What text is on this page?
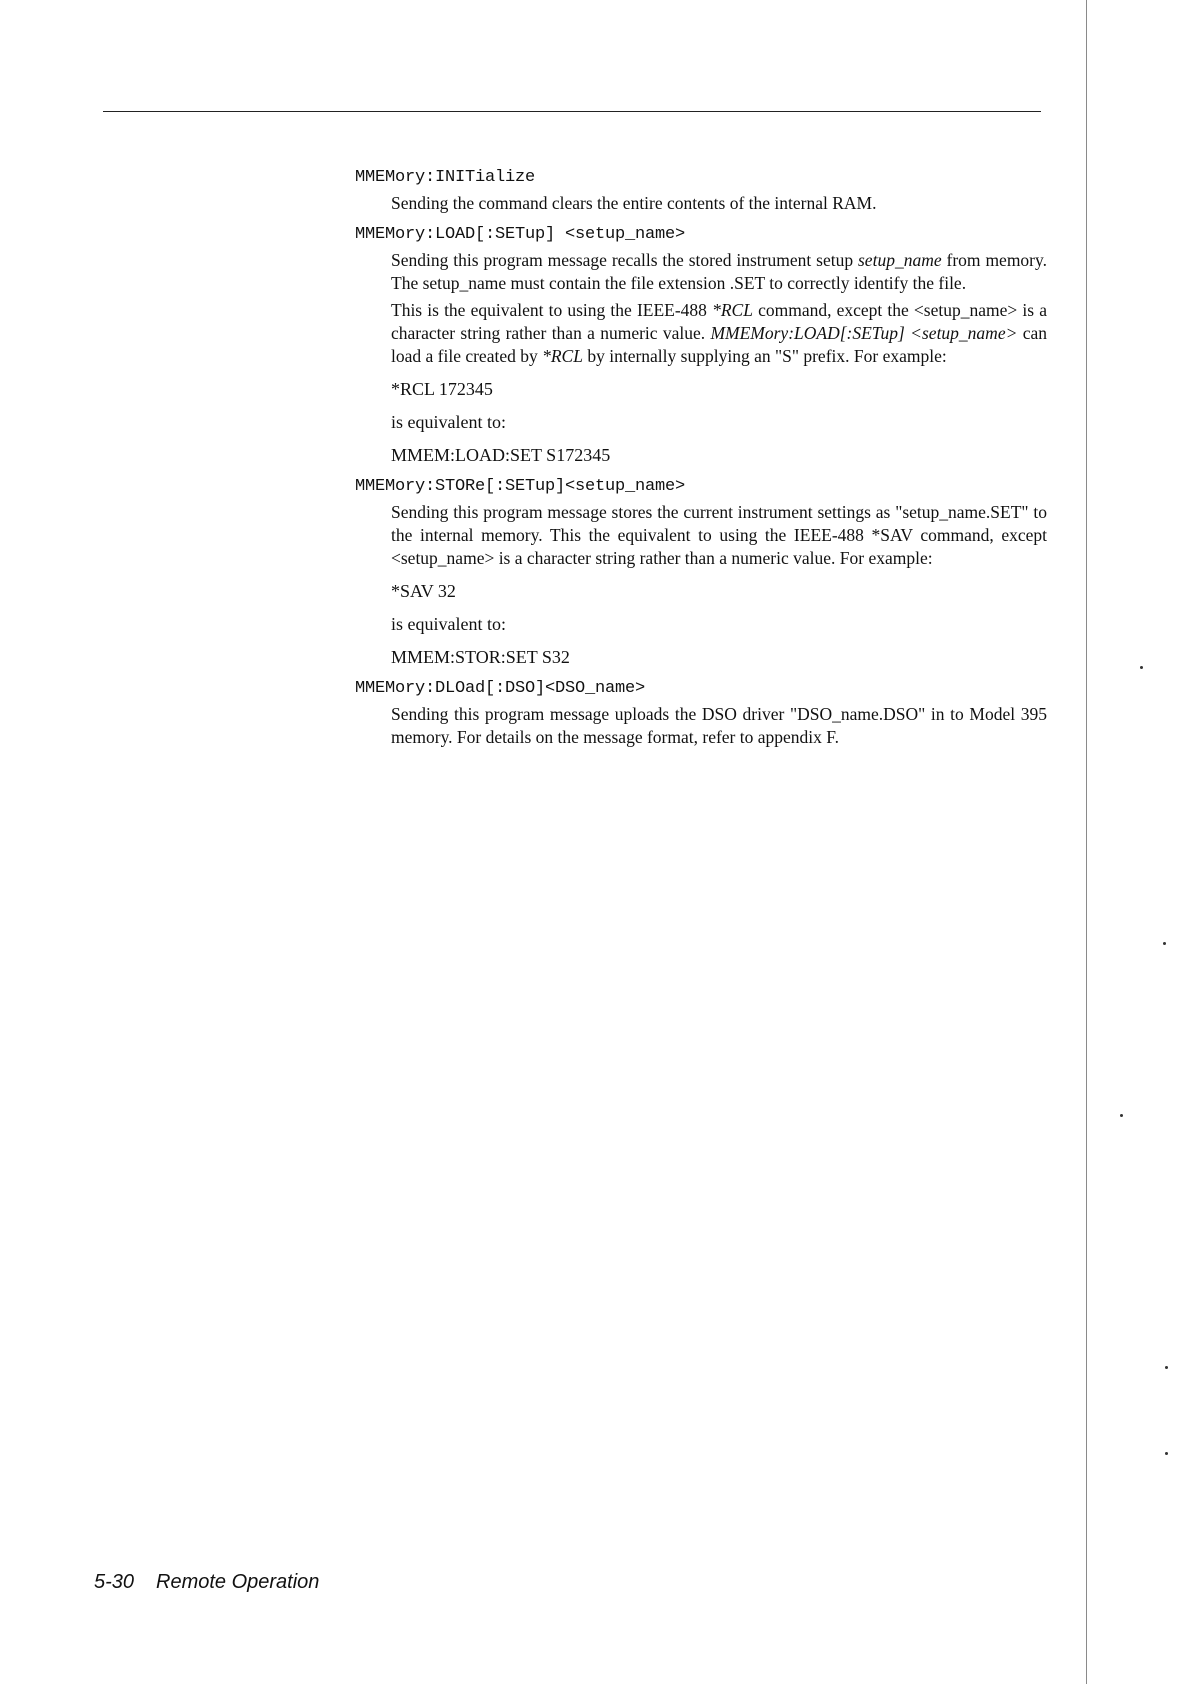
MMEMory:INITialize

Sending the command clears the entire contents of the internal RAM.

MMEMory:LOAD[:SETup] <setup_name>

Sending this program message recalls the stored instrument setup setup_name from memory. The setup_name must contain the file extension .SET to correctly identify the file.

This is the equivalent to using the IEEE-488 *RCL command, except the <setup_name> is a character string rather than a numeric value. MMEMory:LOAD[:SETup] <setup_name> can load a file created by *RCL by internally supplying an "S" prefix. For example:

*RCL 172345
is equivalent to:
MMEM:LOAD:SET S172345
MMEMory:STORe[:SETup]<setup_name>

Sending this program message stores the current instrument settings as "setup_name.SET" to the internal memory. This the equivalent to using the IEEE-488 *SAV command, except <setup_name> is a character string rather than a numeric value. For example:

*SAV 32
is equivalent to:
MMEM:STOR:SET S32
MMEMory:DLOad[:DSO]<DSO_name>

Sending this program message uploads the DSO driver "DSO_name.DSO" in to Model 395 memory. For details on the message format, refer to appendix F.

5-30 Remote Operation
